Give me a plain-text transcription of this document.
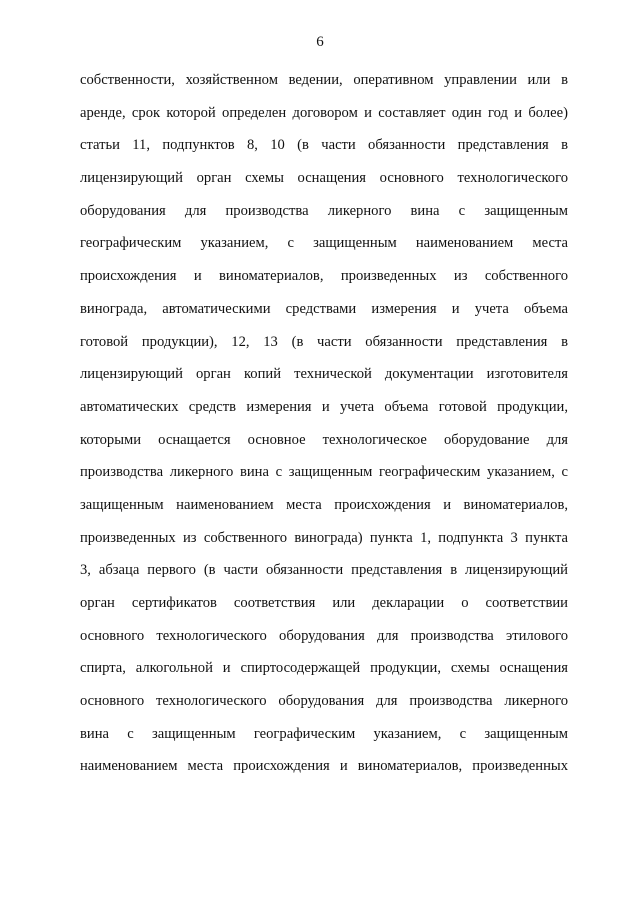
6
собственности, хозяйственном ведении, оперативном управлении или в
аренде, срок которой определен договором и составляет один год и более)
статьи 11, подпунктов 8, 10 (в части обязанности представления в
лицензирующий орган схемы оснащения основного технологического
оборудования для производства ликерного вина с защищенным
географическим указанием, с защищенным наименованием места
происхождения и виноматериалов, произведенных из собственного
винограда, автоматическими средствами измерения и учета объема
готовой продукции), 12, 13 (в части обязанности представления в
лицензирующий орган копий технической документации изготовителя
автоматических средств измерения и учета объема готовой продукции,
которыми оснащается основное технологическое оборудование для
производства ликерного вина с защищенным географическим указанием, с
защищенным наименованием места происхождения и виноматериалов,
произведенных из собственного винограда) пункта 1, подпункта 3 пункта
3, абзаца первого (в части обязанности представления в лицензирующий
орган сертификатов соответствия или декларации о соответствии
основного технологического оборудования для производства этилового
спирта, алкогольной и спиртосодержащей продукции, схемы оснащения
основного технологического оборудования для производства ликерного
вина с защищенным географическим указанием, с защищенным
наименованием места происхождения и виноматериалов, произведенных
